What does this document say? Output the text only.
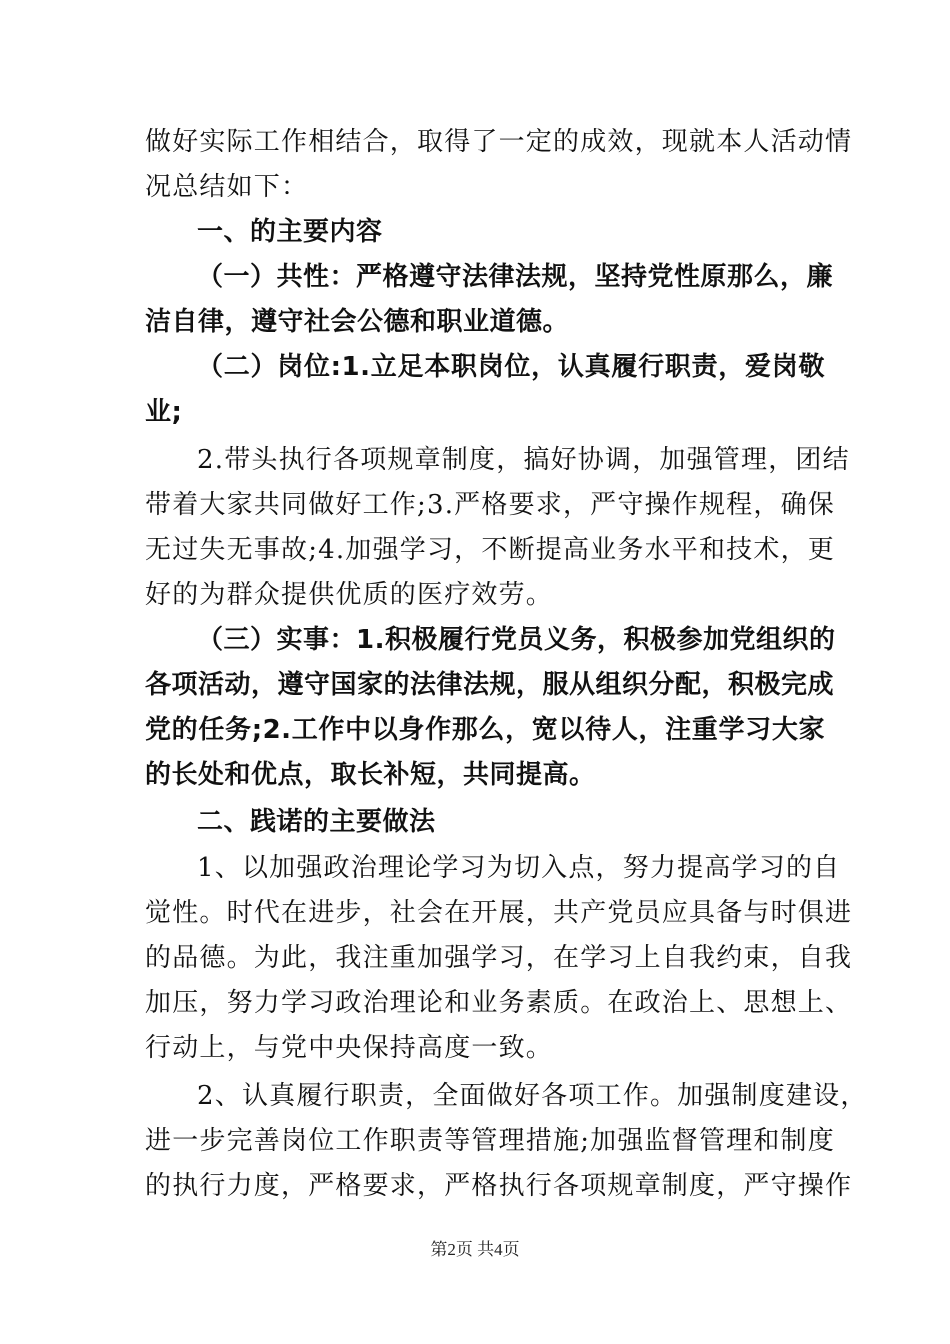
做好实际工作相结合，取得了一定的成效，现就本人活动情
况总结如下：
一、的主要内容
（一）共性：严格遵守法律法规，坚持党性原那么，廉
洁自律，遵守社会公德和职业道德。
（二）岗位:1.立足本职岗位，认真履行职责，爱岗敬
业;
2.带头执行各项规章制度，搞好协调，加强管理，团结
带着大家共同做好工作;3.严格要求，严守操作规程，确保
无过失无事故;4.加强学习，不断提高业务水平和技术，更
好的为群众提供优质的医疗效劳。
（三）实事：1.积极履行党员义务，积极参加党组织的
各项活动，遵守国家的法律法规，服从组织分配，积极完成
党的任务;2.工作中以身作那么，宽以待人，注重学习大家
的长处和优点，取长补短，共同提高。
二、践诺的主要做法
1、以加强政治理论学习为切入点，努力提高学习的自
觉性。时代在进步，社会在开展，共产党员应具备与时俱进
的品德。为此，我注重加强学习，在学习上自我约束，自我
加压，努力学习政治理论和业务素质。在政治上、思想上、
行动上，与党中央保持高度一致。
2、认真履行职责，全面做好各项工作。加强制度建设，
进一步完善岗位工作职责等管理措施;加强监督管理和制度
的执行力度，严格要求，严格执行各项规章制度，严守操作
第2页 共4页
